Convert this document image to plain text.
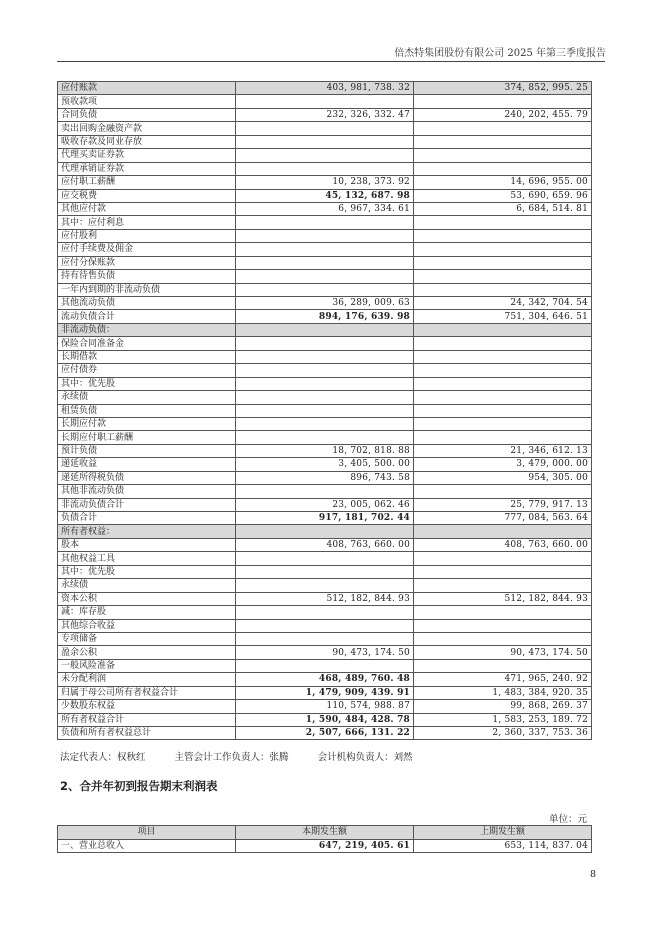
倍杰特集团股份有限公司 2025 年第三季度报告
应付账款	403, 981, 738. 32	374, 852, 995. 25
预收款项		
合同负债	232, 326, 332. 47	240, 202, 455. 79
卖出回购金融资产款		
吸收存款及同业存放		
代理买卖证券款		
代理承销证券款		
应付职工薪酬	10, 238, 373. 92	14, 696, 955. 00
应交税费	45, 132, 687. 98	53, 690, 659. 96
其他应付款	6, 967, 334. 61	6, 684, 514. 81
其中：应付利息		
应付股利		
应付手续费及佣金		
应付分保账款		
持有待售负债		
一年内到期的非流动负债		
其他流动负债	36, 289, 009. 63	24, 342, 704. 54
流动负债合计	894, 176, 639. 98	751, 304, 646. 51
非流动负债：		
保险合同准备金		
长期借款		
应付债券		
其中：优先股		
永续债		
租赁负债		
长期应付款		
长期应付职工薪酬		
预计负债	18, 702, 818. 88	21, 346, 612. 13
递延收益	3, 405, 500. 00	3, 479, 000. 00
递延所得税负债	896, 743. 58	954, 305. 00
其他非流动负债		
非流动负债合计	23, 005, 062. 46	25, 779, 917. 13
负债合计	917, 181, 702. 44	777, 084, 563. 64
所有者权益：		
股本	408, 763, 660. 00	408, 763, 660. 00
其他权益工具		
其中：优先股		
永续债		
资本公积	512, 182, 844. 93	512, 182, 844. 93
减：库存股		
其他综合收益		
专项储备		
盈余公积	90, 473, 174. 50	90, 473, 174. 50
一般风险准备		
未分配利润	468, 489, 760. 48	471, 965, 240. 92
归属于母公司所有者权益合计	1, 479, 909, 439. 91	1, 483, 384, 920. 35
少数股东权益	110, 574, 988. 87	99, 868, 269. 37
所有者权益合计	1, 590, 484, 428. 78	1, 583, 253, 189. 72
负债和所有者权益总计	2, 507, 666, 131. 22	2, 360, 337, 753. 36
法定代表人：权秋红	主管会计工作负责人：张腾	会计机构负责人：刘然
2、合并年初到报告期末利润表
单位：元
项目	本期发生额	上期发生额
一、营业总收入	647, 219, 405. 61	653, 114, 837. 04
8
